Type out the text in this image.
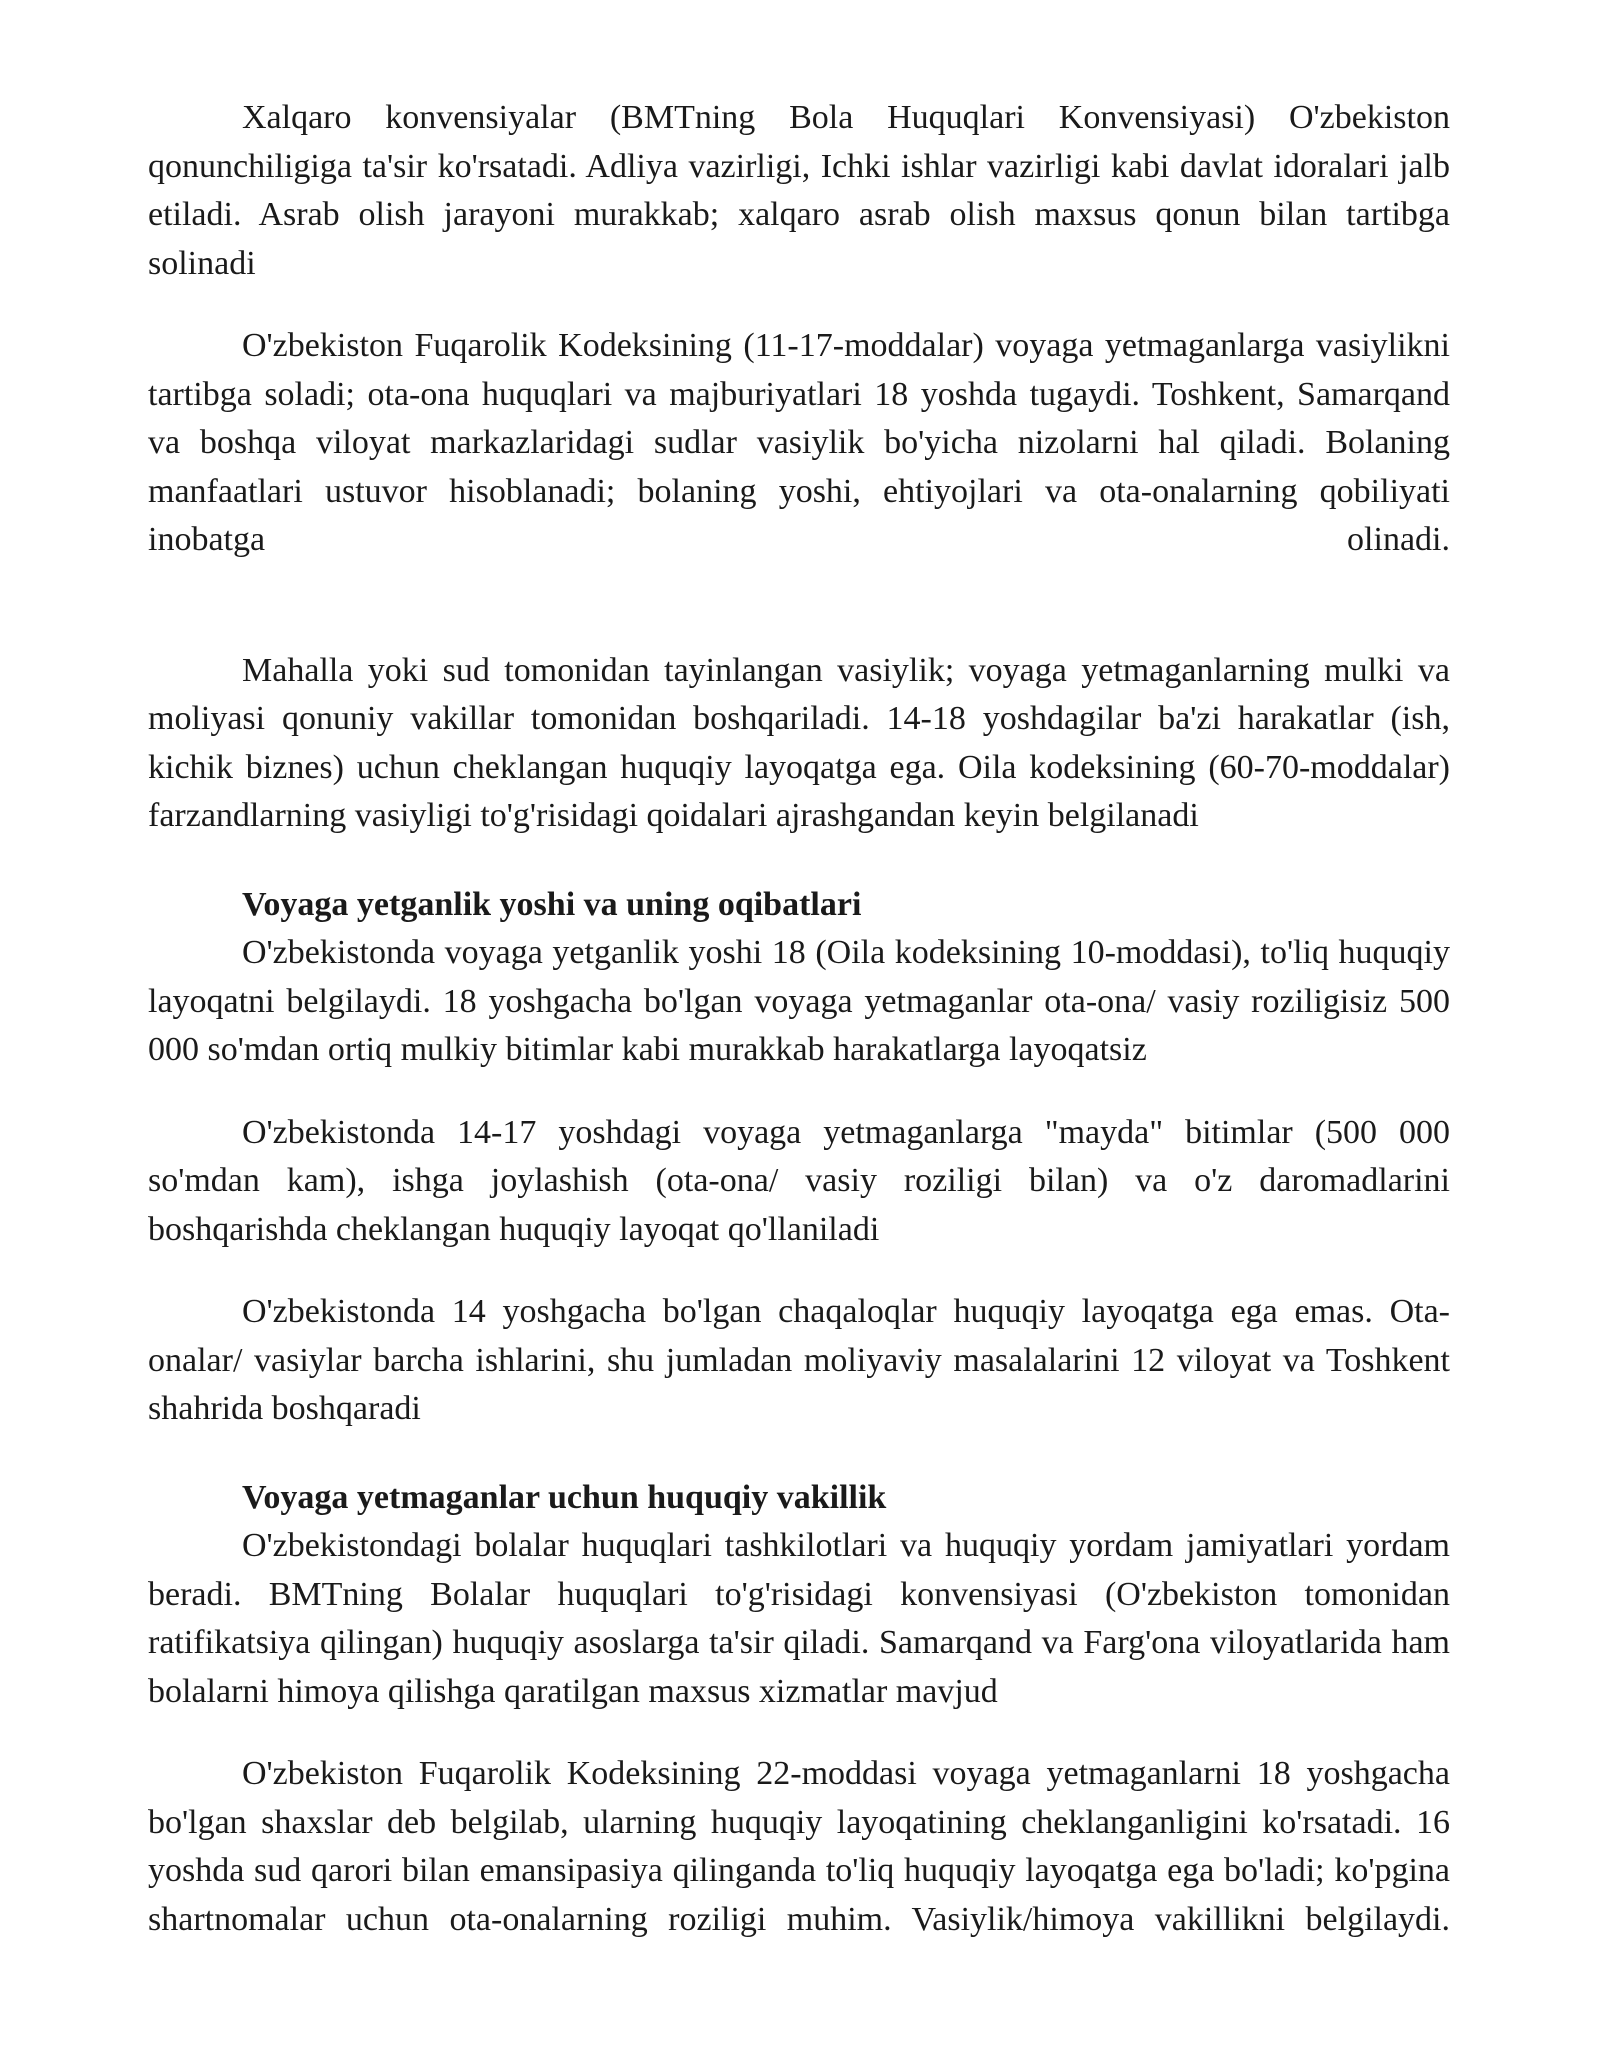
Xalqaro konvensiyalar (BMTning Bola Huquqlari Konvensiyasi) O'zbekiston qonunchiligiga ta'sir ko'rsatadi. Adliya vazirligi, Ichki ishlar vazirligi kabi davlat idoralari jalb etiladi. Asrab olish jarayoni murakkab; xalqaro asrab olish maxsus qonun bilan tartibga solinadi

O'zbekiston Fuqarolik Kodeksining (11-17-moddalar) voyaga yetmaganlarga vasiylikni tartibga soladi; ota-ona huquqlari va majburiyatlari 18 yoshda tugaydi. Toshkent, Samarqand va boshqa viloyat markazlaridagi sudlar vasiylik bo'yicha nizolarni hal qiladi. Bolaning manfaatlari ustuvor hisoblanadi; bolaning yoshi, ehtiyojlari va ota-onalarning qobiliyati inobatga olinadi.

Mahalla yoki sud tomonidan tayinlangan vasiylik; voyaga yetmaganlarning mulki va moliyasi qonuniy vakillar tomonidan boshqariladi. 14-18 yoshdagilar ba'zi harakatlar (ish, kichik biznes) uchun cheklangan huquqiy layoqatga ega. Oila kodeksining (60-70-moddalar) farzandlarning vasiyligi to'g'risidagi qoidalari ajrashgandan keyin belgilanadi

Voyaga yetganlik yoshi va uning oqibatlari

O'zbekistonda voyaga yetganlik yoshi 18 (Oila kodeksining 10-moddasi), to'liq huquqiy layoqatni belgilaydi. 18 yoshgacha bo'lgan voyaga yetmaganlar ota-ona/ vasiy roziligisiz 500 000 so'mdan ortiq mulkiy bitimlar kabi murakkab harakatlarga layoqatsiz

O'zbekistonda 14-17 yoshdagi voyaga yetmaganlarga "mayda" bitimlar (500 000 so'mdan kam), ishga joylashish (ota-ona/ vasiy roziligi bilan) va o'z daromadlarini boshqarishda cheklangan huquqiy layoqat qo'llaniladi

O'zbekistonda 14 yoshgacha bo'lgan chaqaloqlar huquqiy layoqatga ega emas. Ota-onalar/ vasiylar barcha ishlarini, shu jumladan moliyaviy masalalarini 12 viloyat va Toshkent shahrida boshqaradi

Voyaga yetmaganlar uchun huquqiy vakillik

O'zbekistondagi bolalar huquqlari tashkilotlari va huquqiy yordam jamiyatlari yordam beradi. BMTning Bolalar huquqlari to'g'risidagi konvensiyasi (O'zbekiston tomonidan ratifikatsiya qilingan) huquqiy asoslarga ta'sir qiladi. Samarqand va Farg'ona viloyatlarida ham bolalarni himoya qilishga qaratilgan maxsus xizmatlar mavjud

O'zbekiston Fuqarolik Kodeksining 22-moddasi voyaga yetmaganlarni 18 yoshgacha bo'lgan shaxslar deb belgilab, ularning huquqiy layoqatining cheklanganligini ko'rsatadi. 16 yoshda sud qarori bilan emansipasiya qilinganda to'liq huquqiy layoqatga ega bo'ladi; ko'pgina shartnomalar uchun ota-onalarning roziligi muhim. Vasiylik/himoya vakillikni belgilaydi.
